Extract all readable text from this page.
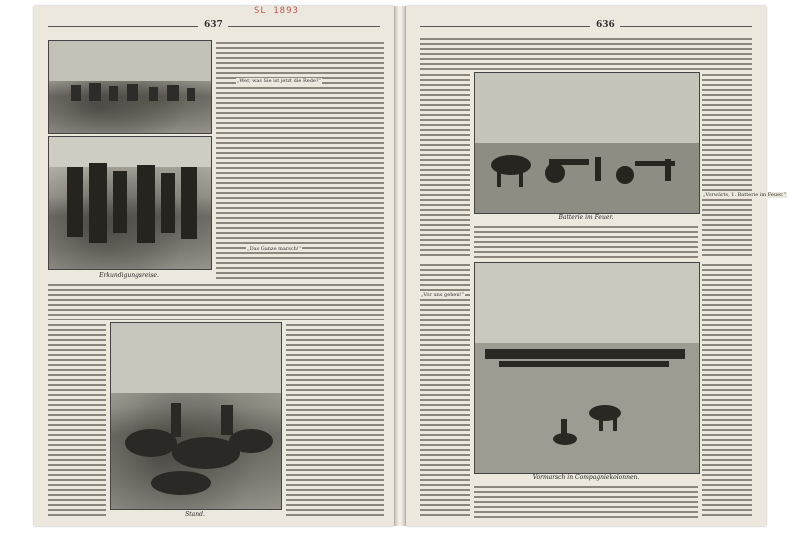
637
SL 1893
Erkundigungsreise.
„Wer, was Sie ist jetzt die Rede?“
„Das Ganze marsch!“
Stand.
636
Batterie im Feuer.
„Vorwärts, 1. Batterie im Feuer.“
„Vor uns gehen!“
Vormarsch in Compagniekolonnen.
